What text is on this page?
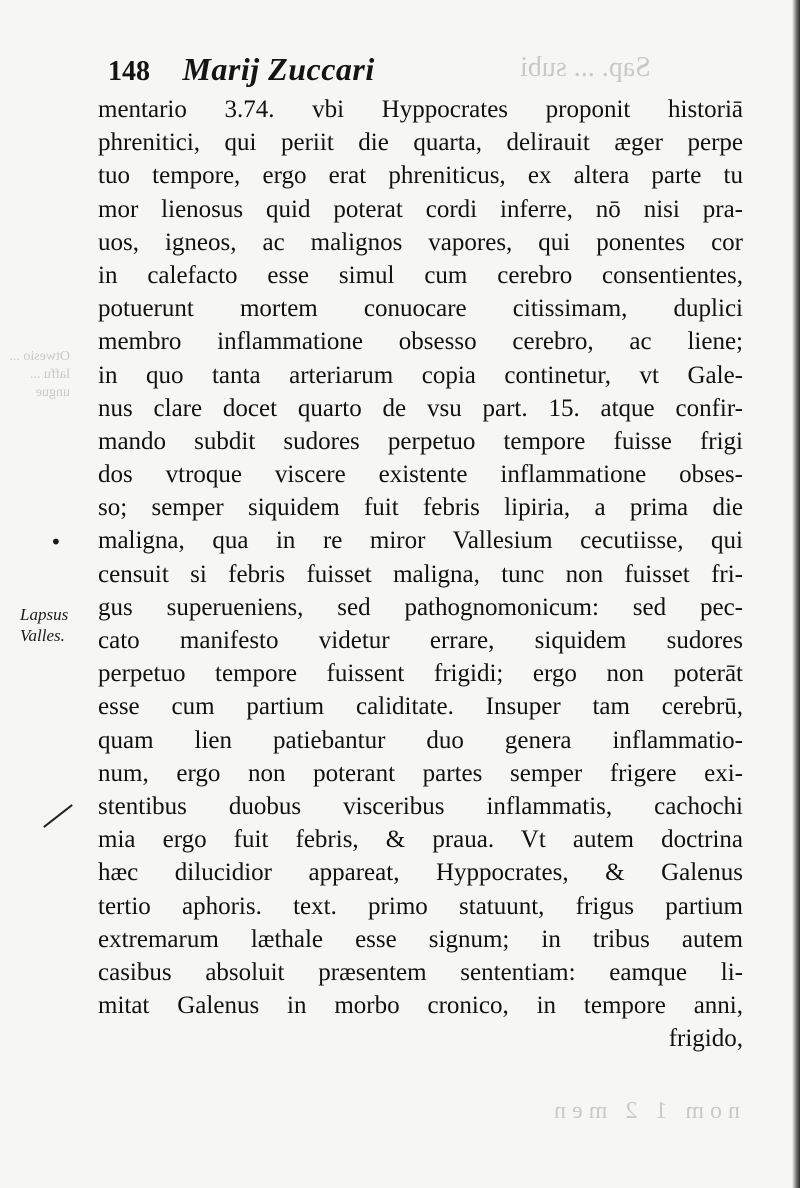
Sap. ... subi
Otwesio ... laffu ... ungue
nom 1 2 men
148 Marij Zuccari
•
Lapsus Valles.
mentario 3.74. vbi Hyppocrates proponit historiā
phrenitici, qui periit die quarta, delirauit æger perpe
tuo tempore, ergo erat phreniticus, ex altera parte tu
mor lienosus quid poterat cordi inferre, nō nisi pra-
uos, igneos, ac malignos vapores, qui ponentes cor
in calefacto esse simul cum cerebro consentientes,
potuerunt mortem conuocare citissimam, duplici
membro inflammatione obsesso cerebro, ac liene;
in quo tanta arteriarum copia continetur, vt Gale-
nus clare docet quarto de vsu part. 15. atque confir-
mando subdit sudores perpetuo tempore fuisse frigi
dos vtroque viscere existente inflammatione obses-
so; semper siquidem fuit febris lipiria, a prima die
maligna, qua in re miror Vallesium cecutiisse, qui
censuit si febris fuisset maligna, tunc non fuisset fri-
gus superueniens, sed pathognomonicum: sed pec-
cato manifesto videtur errare, siquidem sudores
perpetuo tempore fuissent frigidi; ergo non poterāt
esse cum partium caliditate. Insuper tam cerebrū,
quam lien patiebantur duo genera inflammatio-
num, ergo non poterant partes semper frigere exi-
stentibus duobus visceribus inflammatis, cachochi
mia ergo fuit febris, & praua. Vt autem doctrina
hæc dilucidior appareat, Hyppocrates, & Galenus
tertio aphoris. text. primo statuunt, frigus partium
extremarum læthale esse signum; in tribus autem
casibus absoluit præsentem sententiam: eamque li-
mitat Galenus in morbo cronico, in tempore anni,
frigido,
